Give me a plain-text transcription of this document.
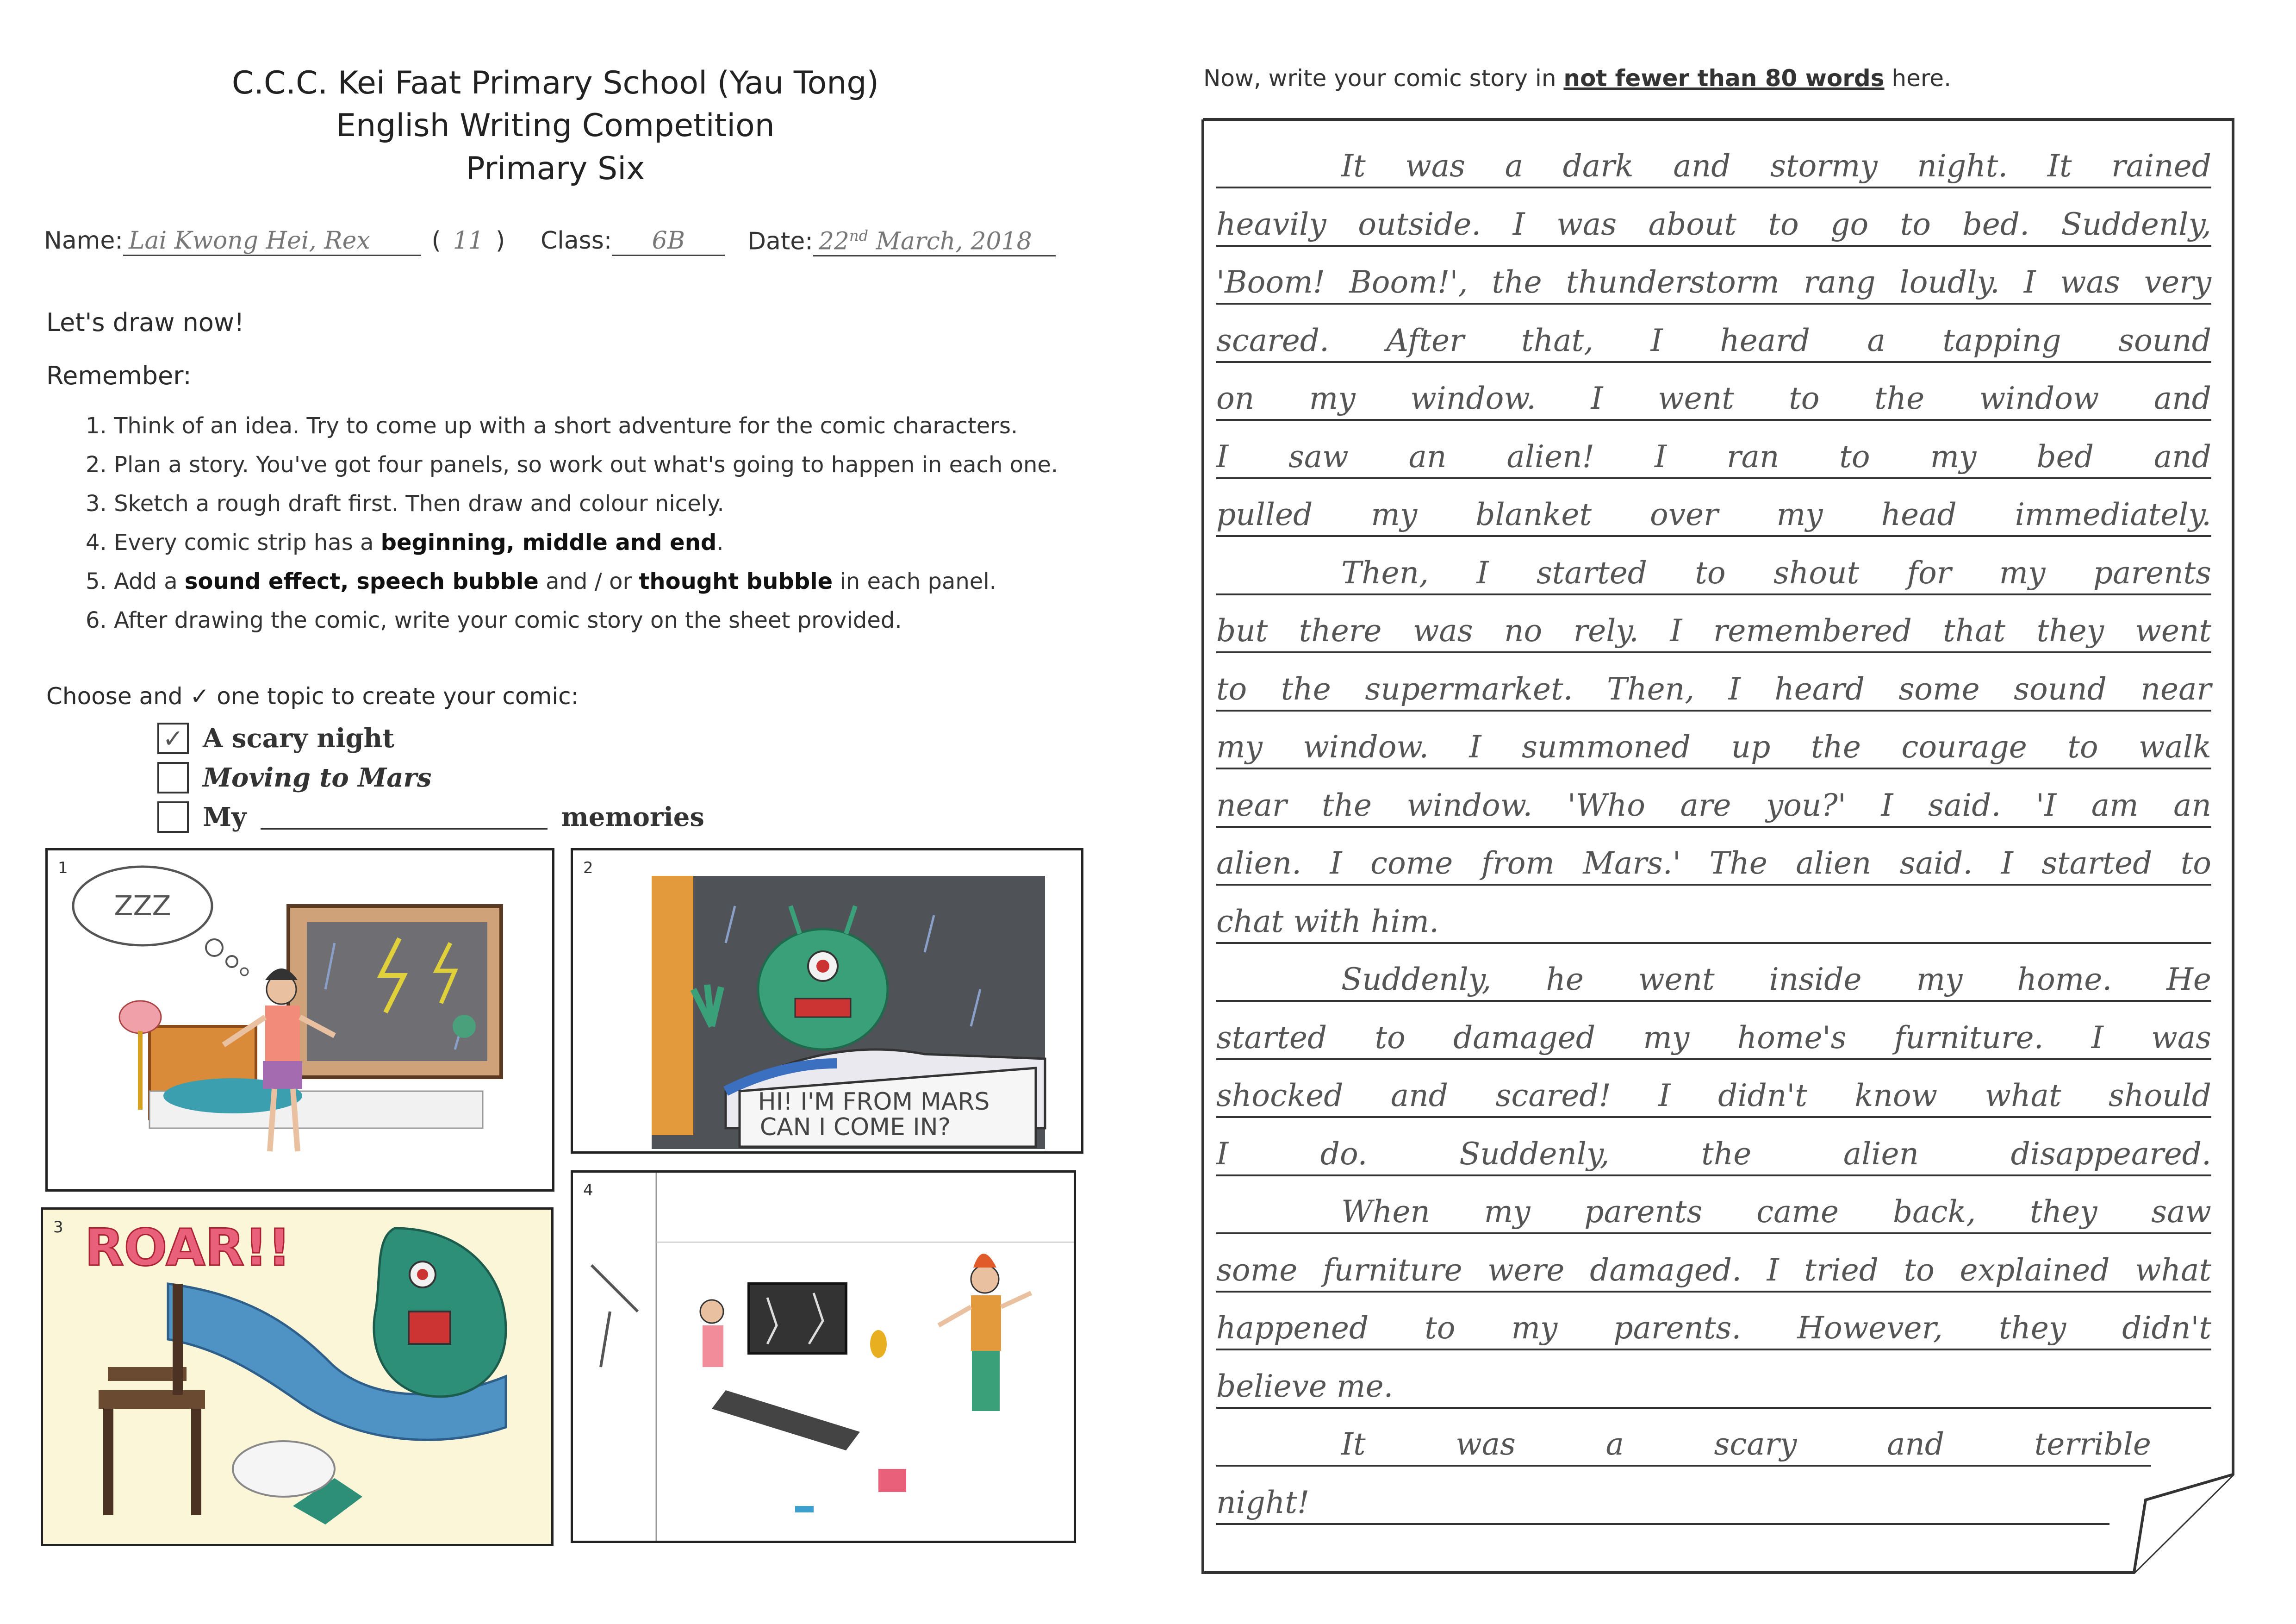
C.C.C. Kei Faat Primary School (Yau Tong)
English Writing Competition
Primary Six
Name: Lai Kwong Hei, Rex	( 11 ) Class: 6B	Date: 22nd March, 2018
Let's draw now!
Remember:
1. Think of an idea. Try to come up with a short adventure for the comic characters.
2. Plan a story. You've got four panels, so work out what's going to happen in each one.
3. Sketch a rough draft first. Then draw and colour nicely.
4. Every comic strip has a beginning, middle and end.
5. Add a sound effect, speech bubble and / or thought bubble in each panel.
6. After drawing the comic, write your comic story on the sheet provided.
Choose and ✓ one topic to create your comic:
✓ A scary night
Moving to Mars
My	memories
ZZZ
1
HI! I'M FROM MARS
CAN I COME IN?
2
ROAR!!
3
4
Now, write your comic story in not fewer than 80 words here.
It was a dark and stormy night. It rained
heavily outside. I was about to go to bed. Suddenly,
'Boom! Boom!', the thunderstorm rang loudly. I was very
scared. After that, I heard a tapping sound
on my window. I went to the window and
I saw an alien! I ran to my bed and
pulled my blanket over my head immediately.
Then, I started to shout for my parents
but there was no rely. I remembered that they went
to the supermarket. Then, I heard some sound near
my window. I summoned up the courage to walk
near the window. 'Who are you?' I said. 'I am an
alien. I come from Mars.' The alien said. I started to
chat with him.
Suddenly, he went inside my home. He
started to damaged my home's furniture. I was
shocked and scared! I didn't know what should
I do. Suddenly, the alien disappeared.
When my parents came back, they saw
some furniture were damaged. I tried to explained what
happened to my parents. However, they didn't
believe me.
It was a scary and terrible
night!
